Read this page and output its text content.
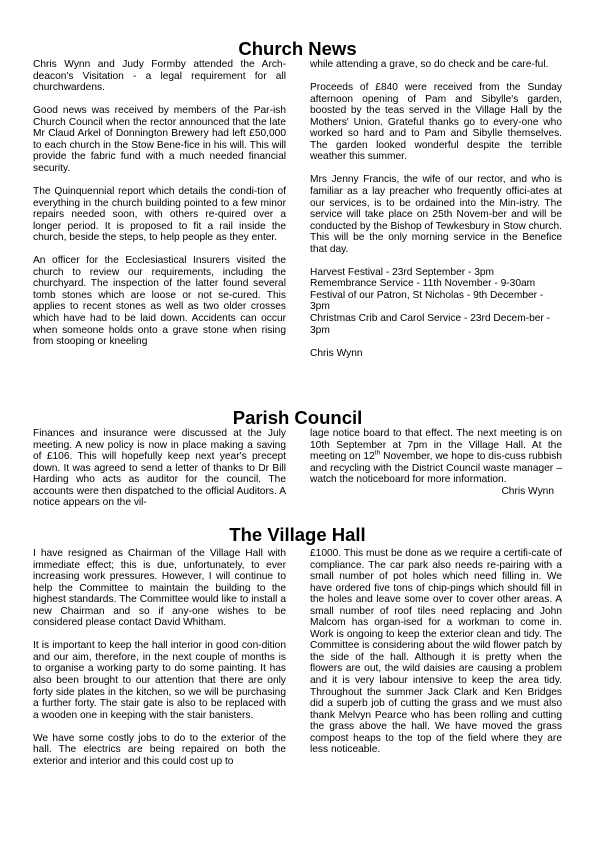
Church News

Chris Wynn and Judy Formby attended the Arch-deacon's Visitation - a legal requirement for all churchwardens.

Good news was received by members of the Par-ish Church Council when the rector announced that the late Mr Claud Arkel of Donnington Brewery had left £50,000 to each church in the Stow Bene-fice in his will. This will provide the fabric fund with a much needed financial security.

The Quinquennial report which details the condi-tion of everything in the church building pointed to a few minor repairs needed soon, with others re-quired over a longer period. It is proposed to fit a rail inside the church, beside the steps, to help people as they enter.

An officer for the Ecclesiastical Insurers visited the church to review our requirements, including the churchyard. The inspection of the latter found several tomb stones which are loose or not se-cured. This applies to recent stones as well as two older crosses which have had to be laid down. Accidents can occur when someone holds onto a grave stone when rising from stooping or kneeling

while attending a grave, so do check and be care-ful.

Proceeds of £840 were received from the Sunday afternoon opening of Pam and Sibylle's garden, boosted by the teas served in the Village Hall by the Mothers' Union. Grateful thanks go to every-one who worked so hard and to Pam and Sibylle themselves. The garden looked wonderful despite the terrible weather this summer.

Mrs Jenny Francis, the wife of our rector, and who is familiar as a lay preacher who frequently offici-ates at our services, is to be ordained into the Min-istry. The service will take place on 25th Novem-ber and will be conducted by the Bishop of Tewkesbury in Stow church. This will be the only morning service in the Benefice that day.

Harvest Festival - 23rd September - 3pm

Remembrance Service - 11th November - 9-30am

Festival of our Patron, St Nicholas - 9th December - 3pm

Christmas Crib and Carol Service - 23rd Decem-ber - 3pm

Chris Wynn

Parish Council

Finances and insurance were discussed at the July meeting. A new policy is now in place making a saving of £106. This will hopefully keep next year's precept down. It was agreed to send a letter of thanks to Dr Bill Harding who acts as auditor for the council. The accounts were then dispatched to the official Auditors. A notice appears on the vil-

lage notice board to that effect. The next meeting is on 10th September at 7pm in the Village Hall. At the meeting on 12th November, we hope to dis-cuss rubbish and recycling with the District Council waste manager – watch the noticeboard for more information.
Chris Wynn

The Village Hall

I have resigned as Chairman of the Village Hall with immediate effect; this is due, unfortunately, to ever increasing work pressures. However, I will continue to help the Committee to maintain the building to the highest standards. The Committee would like to install a new Chairman and so if any-one wishes to be considered please contact David Whitham.

It is important to keep the hall interior in good con-dition and our aim, therefore, in the next couple of months is to organise a working party to do some painting. It has also been brought to our attention that there are only forty side plates in the kitchen, so we will be purchasing a further forty. The stair gate is also to be replaced with a wooden one in keeping with the stair banisters.

We have some costly jobs to do to the exterior of the hall. The electrics are being repaired on both the exterior and interior and this could cost up to

£1000. This must be done as we require a certifi-cate of compliance. The car park also needs re-pairing with a small number of pot holes which need filling in. We have ordered five tons of chip-pings which should fill in the holes and leave some over to cover other areas. A small number of roof tiles need replacing and John Malcom has organ-ised for a workman to come in. Work is ongoing to keep the exterior clean and tidy. The Committee is considering about the wild flower patch by the side of the hall. Although it is pretty when the flowers are out, the wild daisies are causing a problem and it is very labour intensive to keep the area tidy. Throughout the summer Jack Clark and Ken Bridges did a superb job of cutting the grass and we must also thank Melvyn Pearce who has been rolling and cutting the grass above the hall. We have moved the grass compost heaps to the top of the field where they are less noticeable.
